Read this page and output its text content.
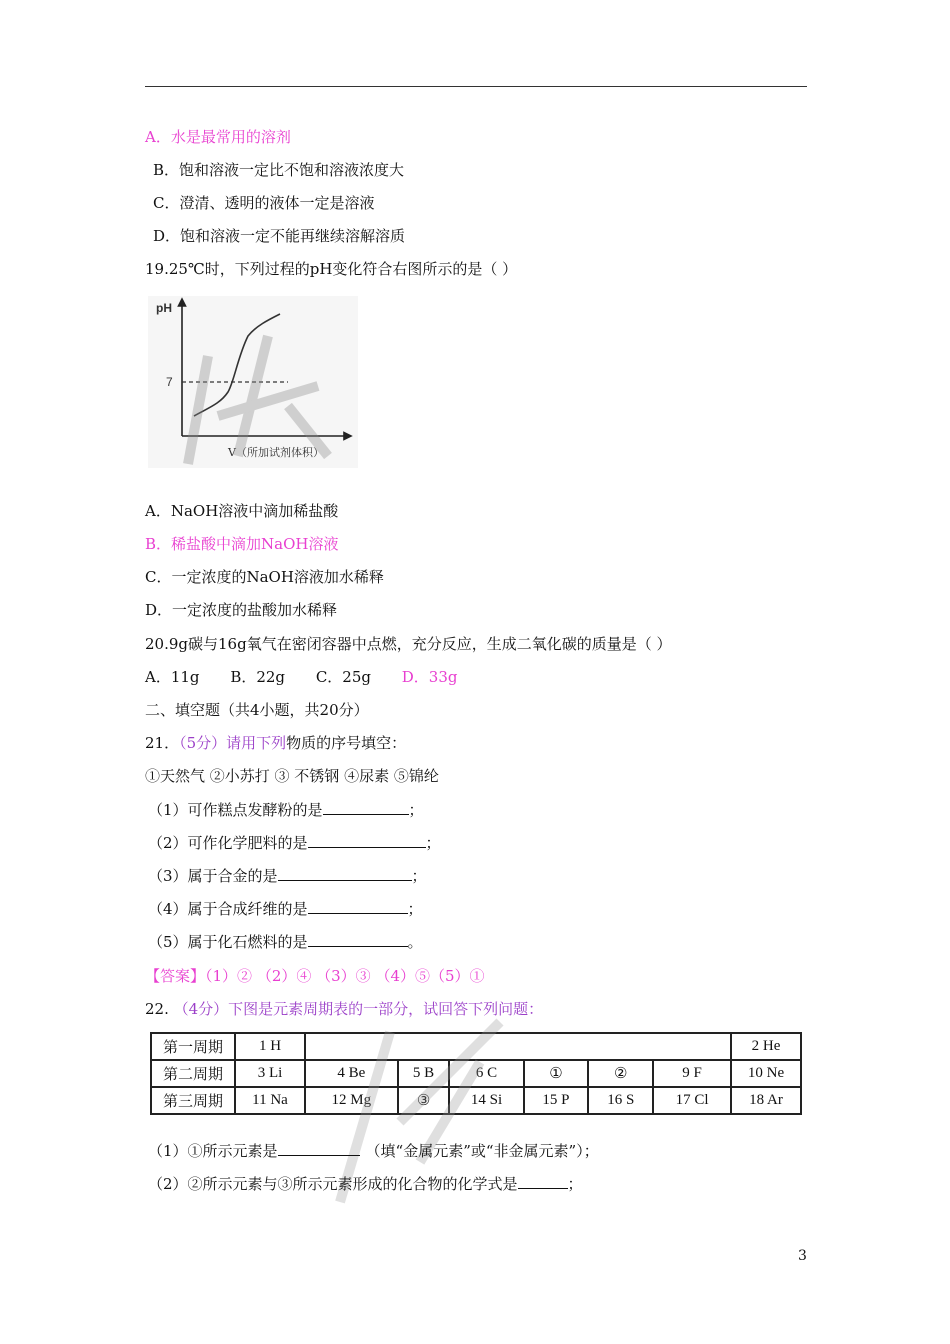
A．水是最常用的溶剂
B．饱和溶液一定比不饱和溶液浓度大
C．澄清、透明的液体一定是溶液
D．饱和溶液一定不能再继续溶解溶质
19.25℃时，下列过程的pH变化符合右图所示的是（ ）
pH
7
V（所加试剂体积）
A．NaOH溶液中滴加稀盐酸
B．稀盐酸中滴加NaOH溶液
C．一定浓度的NaOH溶液加水稀释
D．一定浓度的盐酸加水稀释
20.9g碳与16g氧气在密闭容器中点燃，充分反应，生成二氧化碳的质量是（ ）
A．11g B．22g C．25g D．33g
二、填空题（共4小题，共20分）
21．（5分）请用下列物质的序号填空：
①天然气 ②小苏打 ③ 不锈钢 ④尿素 ⑤锦纶
（1）可作糕点发酵粉的是	；
（2）可作化学肥料的是	；
（3）属于合金的是	；
（4）属于合成纤维的是	；
（5）属于化石燃料的是	。
【答案】（1）② （2）④ （3）③ （4）⑤（5）①
22. （4分）下图是元素周期表的一部分，试回答下列问题：
第一周期	1 H							2 He
第二周期	3 Li	4 Be	5 B	6 C	①	②	9 F	10 Ne
第三周期	11 Na	12 Mg	③	14 Si	15 P	16 S	17 Cl	18 Ar
（1）①所示元素是	（填“金属元素”或“非金属元素”）；
（2）②所示元素与③所示元素形成的化合物的化学式是	；
3
